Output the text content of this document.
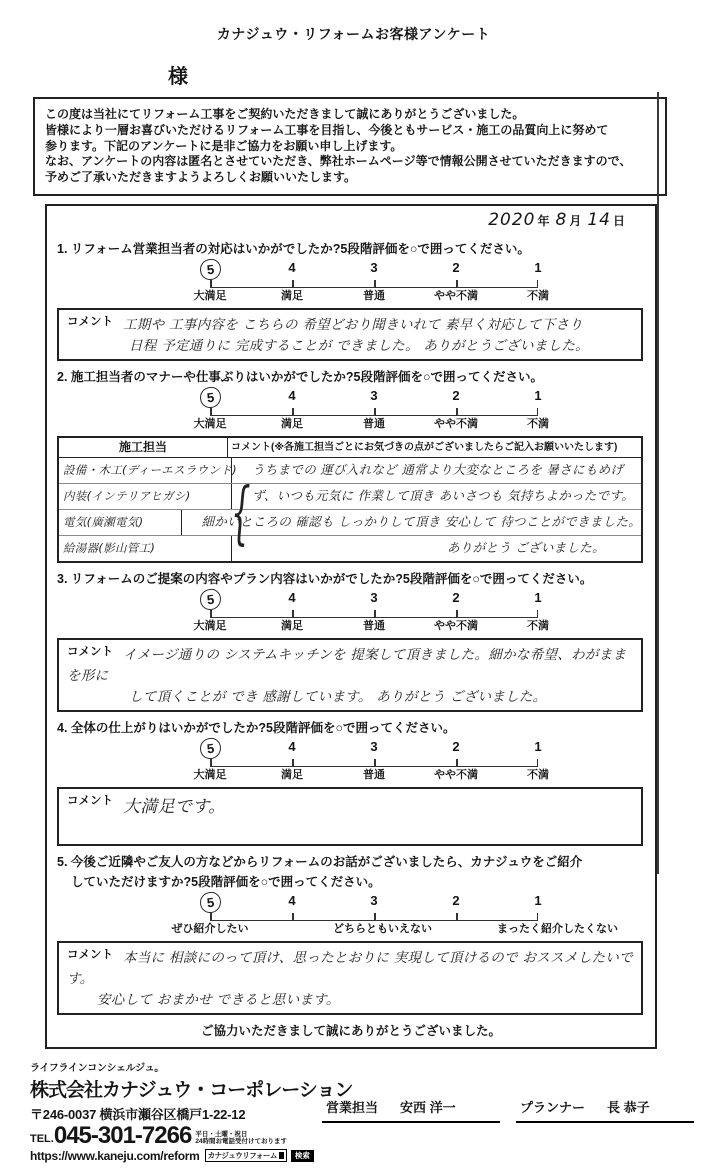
カナジュウ・リフォームお客様アンケート
様
この度は当社にてリフォーム工事をご契約いただきまして誠にありがとうございました。
皆様により一層お喜びいただけるリフォーム工事を目指し、今後ともサービス・施工の品質向上に努めて
参ります。下記のアンケートに是非ご協力をお願い申し上げます。
なお、アンケートの内容は匿名とさせていただき、弊社ホームページ等で情報公開させていただきますので、
予めご了承いただきますようよろしくお願いいたします。
2020 年 8 月 14 日
1. リフォーム営業担当者の対応はいかがでしたか?5段階評価を○で囲ってください。
5	4	3	2	1
大満足	満足	普通	やや不満	不満
$^{コメント}$ 工期や 工事内容を こちらの 希望どおり聞きいれて 素早く対応して下さり
日程 予定通りに 完成することが できました。 ありがとうございました。
2. 施工担当者のマナーや仕事ぶりはいかがでしたか?5段階評価を○で囲ってください。
5	4	3	2	1
大満足	満足	普通	やや不満	不満
施工担当	コメント(※各施工担当ごとにお気づきの点がございましたらご記入お願いいたします)
{
設備・木工(ディーエスラウンド)	うちまでの 運び入れなど 通常より大変なところを 暑さにもめげ
内装(インテリアヒガシ)	ず、いつも元気に 作業して頂き あいさつも 気持ちよかったです。
電気(廣瀬電気)	細かいところの 確認も しっかりして頂き 安心して 待つことができました。
給湯器(影山管工)	ありがとう ございました。
3. リフォームのご提案の内容やプラン内容はいかがでしたか?5段階評価を○で囲ってください。
5	4	3	2	1
大満足	満足	普通	やや不満	不満
$^{コメント}$ イメージ通りの システムキッチンを 提案して頂きました。細かな希望、わがままを形に
して頂くことが でき 感謝しています。 ありがとう ございました。
4. 全体の仕上がりはいかがでしたか?5段階評価を○で囲ってください。
5	4	3	2	1
大満足	満足	普通	やや不満	不満
$^{コメント}$ 大満足です。
5. 今後ご近隣やご友人の方などからリフォームのお話がございましたら、カナジュウをご紹介
していただけますか?5段階評価を○で囲ってください。
5	4	3	2	1
ぜひ紹介したい	どちらともいえない	まったく紹介したくない
$^{コメント}$ 本当に 相談にのって頂け、思ったとおりに 実現して頂けるので おススメしたいです。
安心して おまかせ できると思います。
ご協力いただきまして誠にありがとうございました。
ライフラインコンシェルジュ。
株式会社カナジュウ・コーポレーション
〒246-0037 横浜市瀬谷区橋戸1-22-12
TEL. 045-301-7266 平日・土曜・祝日
24時間お電話受付けております
https://www.kaneju.com/reform カナジュウリフォーム	検索
営業担当 安西 洋一	プランナー 長 恭子
